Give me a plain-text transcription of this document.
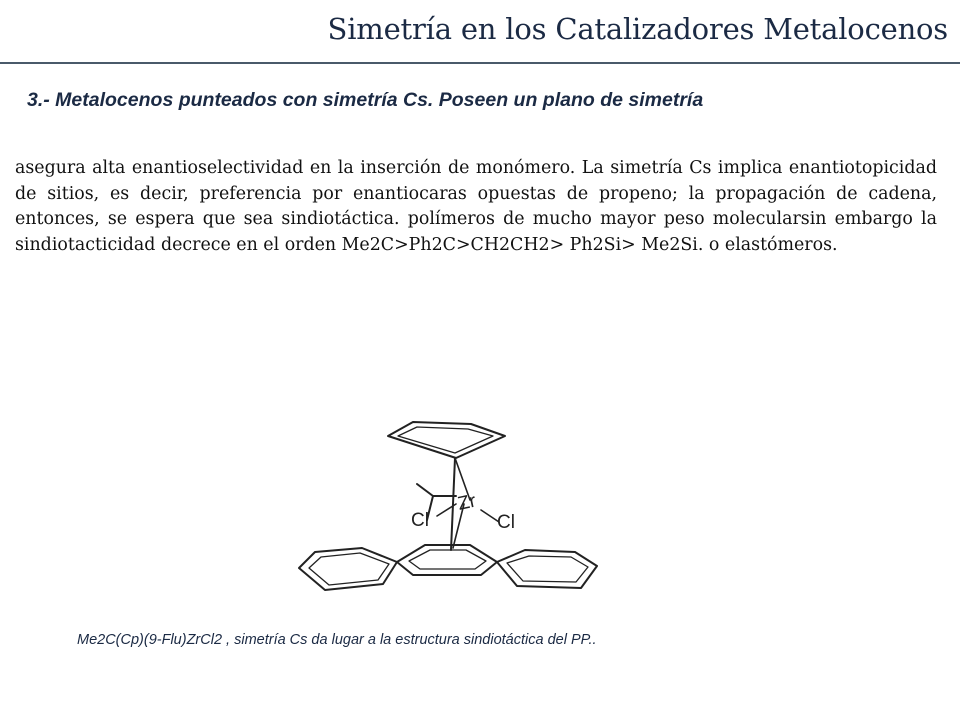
Simetría en los Catalizadores Metalocenos
3.- Metalocenos punteados con simetría Cs. Poseen un plano de simetría

asegura alta enantioselectividad en la inserción de monómero. La simetría Cs implica enantiotopicidad de sitios, es decir, preferencia por enantiocaras opuestas de propeno; la propagación de cadena, entonces, se espera que sea sindiotáctica. polímeros de mucho mayor peso molecularsin embargo la sindiotacticidad decrece en el orden Me2C>Ph2C>CH2CH2> Ph2Si> Me2Si. o elastómeros.

Zr
Cl	Cl
Me2C(Cp)(9-Flu)ZrCl2 , simetría Cs da lugar a la estructura sindiotáctica del PP..
